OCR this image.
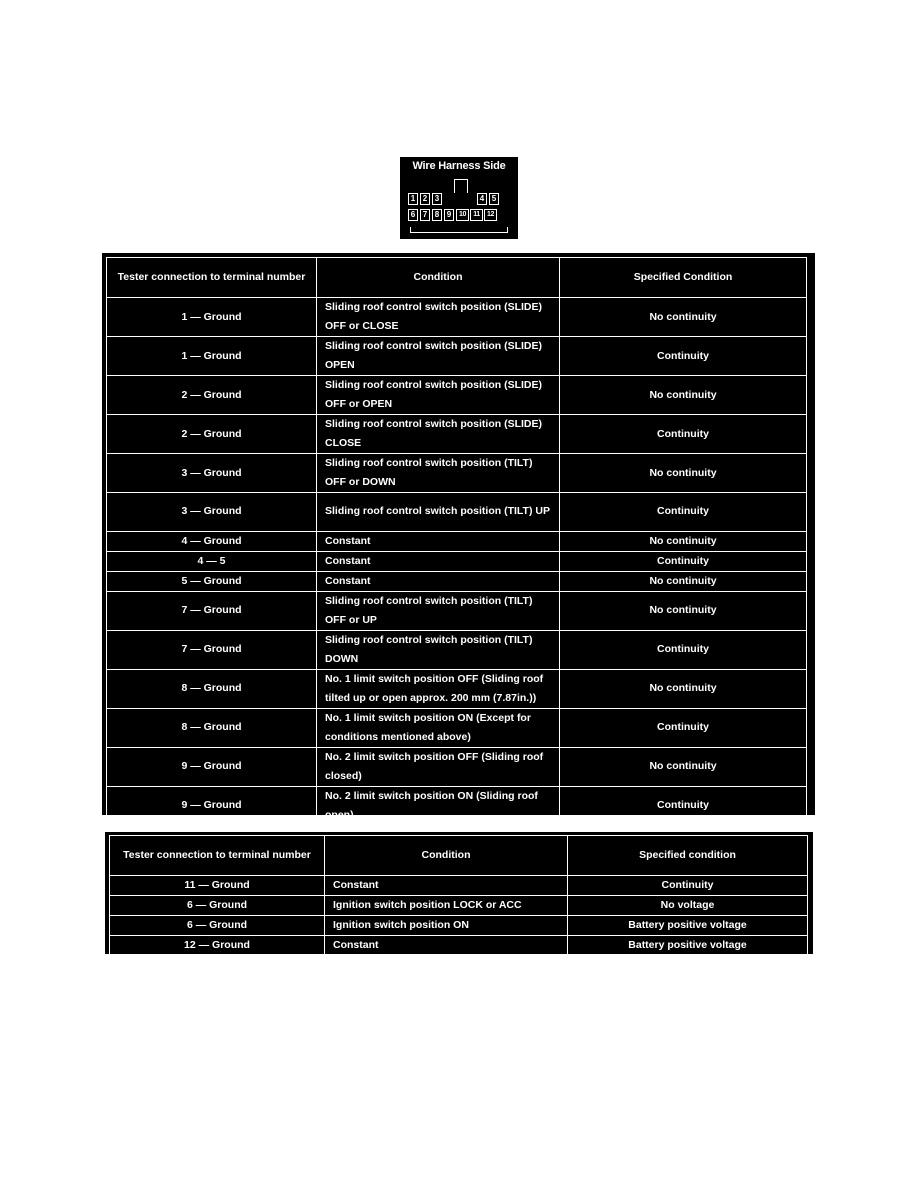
Wire Harness Side
1 2 3	4 5
6 7 8 9	10	11	12
Tester connection to terminal number	Condition	Specified Condition
1 — Ground	Sliding roof control switch position (SLIDE) OFF or CLOSE	No continuity
1 — Ground	Sliding roof control switch position (SLIDE) OPEN	Continuity
2 — Ground	Sliding roof control switch position (SLIDE) OFF or OPEN	No continuity
2 — Ground	Sliding roof control switch position (SLIDE) CLOSE	Continuity
3 — Ground	Sliding roof control switch position (TILT) OFF or DOWN	No continuity
3 — Ground	Sliding roof control switch position (TILT) UP	Continuity
4 — Ground	Constant	No continuity
4 — 5	Constant	Continuity
5 — Ground	Constant	No continuity
7 — Ground	Sliding roof control switch position (TILT) OFF or UP	No continuity
7 — Ground	Sliding roof control switch position (TILT) DOWN	Continuity
8 — Ground	No. 1 limit switch position OFF (Sliding roof tilted up or open approx. 200 mm (7.87in.))	No continuity
8 — Ground	No. 1 limit switch position ON (Except for conditions mentioned above)	Continuity
9 — Ground	No. 2 limit switch position OFF (Sliding roof closed)	No continuity
9 — Ground	No. 2 limit switch position ON (Sliding roof open)	Continuity
Tester connection to terminal number	Condition	Specified condition
11 — Ground	Constant	Continuity
6 — Ground	Ignition switch position LOCK or ACC	No voltage
6 — Ground	Ignition switch position ON	Battery positive voltage
12 — Ground	Constant	Battery positive voltage
